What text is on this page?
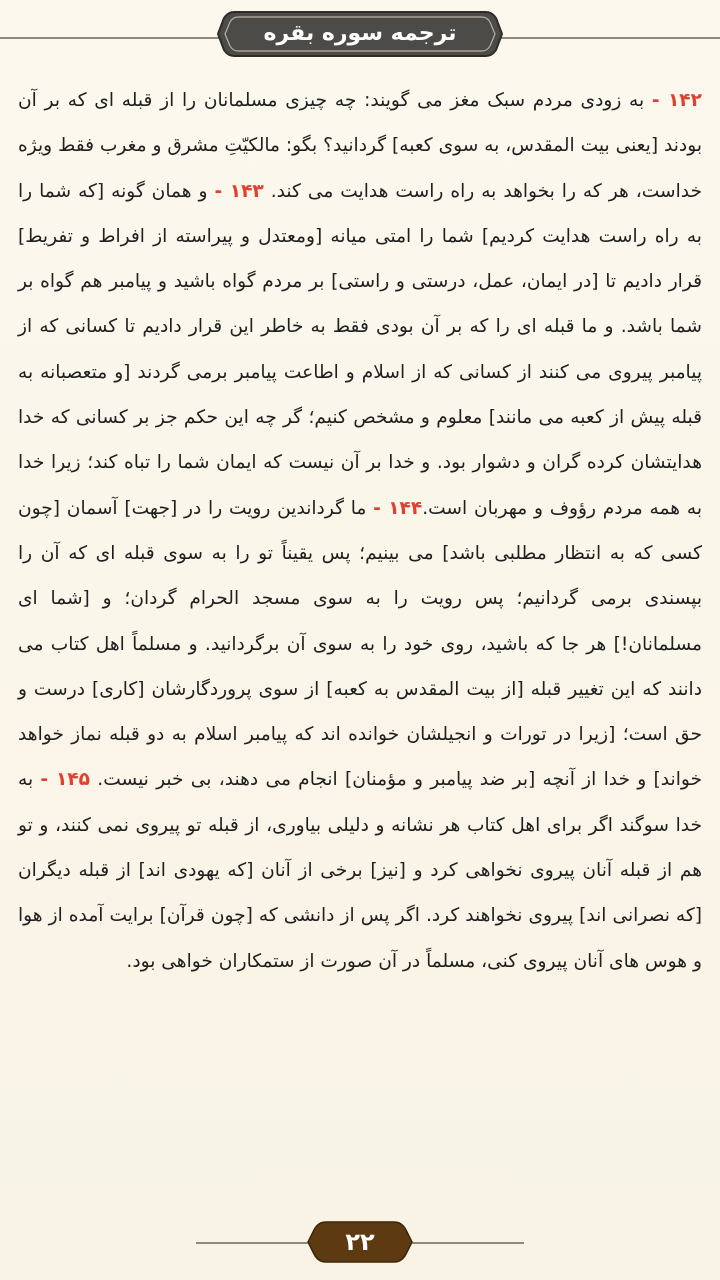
ترجمه سوره بقره
۱۴۲ - به زودی مردم سبک مغز می گویند: چه چیزی مسلمانان را از قبله ای که بر آن بودند [یعنی بیت المقدس، به سوی کعبه] گردانید؟ بگو: مالکیّتِ مشرق و مغرب فقط ویژه خداست، هر که را بخواهد به راه راست هدایت می کند. ۱۴۳ - و همان گونه [که شما را به راه راست هدایت کردیم] شما را امتی میانه [ومعتدل و پیراسته از افراط و تفریط] قرار دادیم تا [در ایمان، عمل، درستی و راستی] بر مردم گواه باشید و پیامبر هم گواه بر شما باشد. و ما قبله ای را که بر آن بودی فقط به خاطر این قرار دادیم تا کسانی که از پیامبر پیروی می کنند از کسانی که از اسلام و اطاعت پیامبر برمی گردند [و متعصبانه به قبله پیش از کعبه می مانند] معلوم و مشخص کنیم؛ گر چه این حکم جز بر کسانی که خدا هدایتشان کرده گران و دشوار بود. و خدا بر آن نیست که ایمان شما را تباه کند؛ زیرا خدا به همه مردم رؤوف و مهربان است.۱۴۴ - ما گرداندین رویت را در [جهت] آسمان [چون کسی که به انتظار مطلبی باشد] می بینیم؛ پس یقیناً تو را به سوی قبله ای که آن را بپسندی برمی گردانیم؛ پس رویت را به سوی مسجد الحرام گردان؛ و [شما ای مسلمانان!] هر جا که باشید، روی خود را به سوی آن برگردانید. و مسلماً اهل کتاب می دانند که این تغییر قبله [از بیت المقدس به کعبه] از سوی پروردگارشان [کاری] درست و حق است؛ [زیرا در تورات و انجیلشان خوانده اند که پیامبر اسلام به دو قبله نماز خواهد خواند] و خدا از آنچه [بر ضد پیامبر و مؤمنان] انجام می دهند، بی خبر نیست. ۱۴۵ - به خدا سوگند اگر برای اهل کتاب هر نشانه و دلیلی بیاوری، از قبله تو پیروی نمی کنند، و تو هم از قبله آنان پیروی نخواهی کرد و [نیز] برخی از آنان [که یهودی اند] از قبله دیگران [که نصرانی اند] پیروی نخواهند کرد. اگر پس از دانشی که [چون قرآن] برایت آمده از هوا و هوس های آنان پیروی کنی، مسلماً در آن صورت از ستمکاران خواهی بود.
۲۲
